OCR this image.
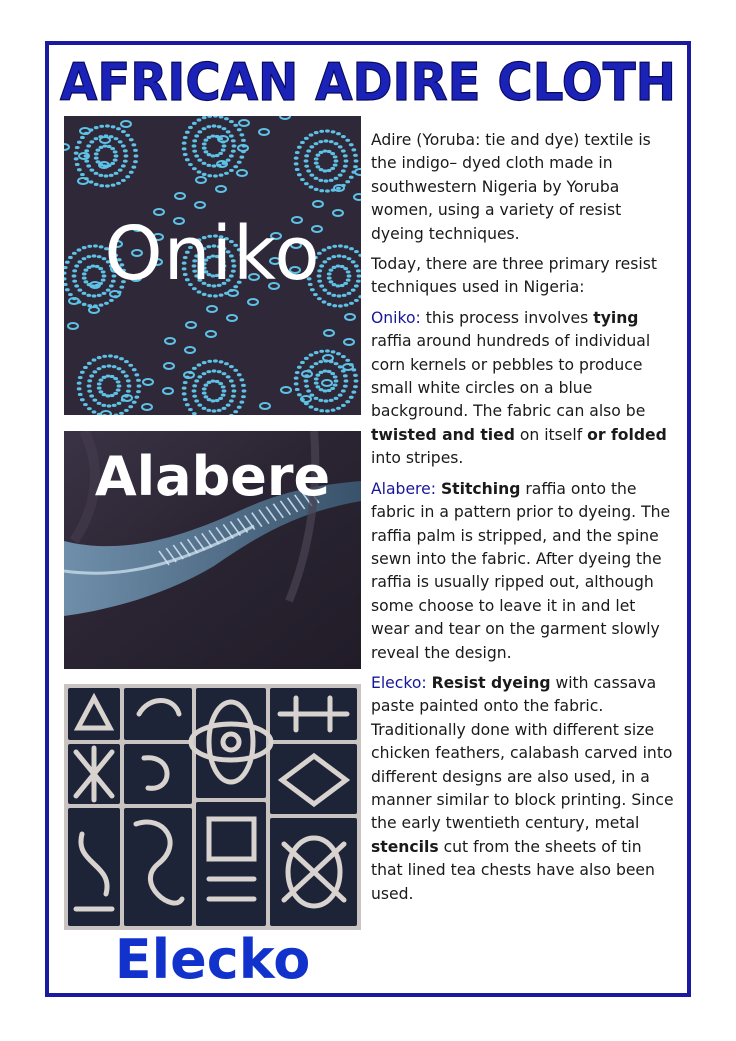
AFRICAN ADIRE CLOTH
Oniko
Alabere
Elecko

Adire (Yoruba: tie and dye) textile is the indigo– dyed cloth made in southwestern Nigeria by Yoruba women, using a variety of resist dyeing techniques.

Today, there are three primary resist techniques used in Nigeria:

Oniko: this process involves tying raffia around hundreds of individual corn kernels or pebbles to produce small white circles on a blue background. The fabric can also be twisted and tied on itself or folded into stripes.

Alabere: Stitching raffia onto the fabric in a pattern prior to dyeing. The raffia palm is stripped, and the spine sewn into the fabric. After dyeing the raffia is usually ripped out, although some choose to leave it in and let wear and tear on the garment slowly reveal the design.

Elecko: Resist dyeing with cassava paste painted onto the fabric. Traditionally done with different size chicken feathers, calabash carved into different designs are also used, in a manner similar to block printing. Since the early twentieth century, metal stencils cut from the sheets of tin that lined tea chests have also been used.
